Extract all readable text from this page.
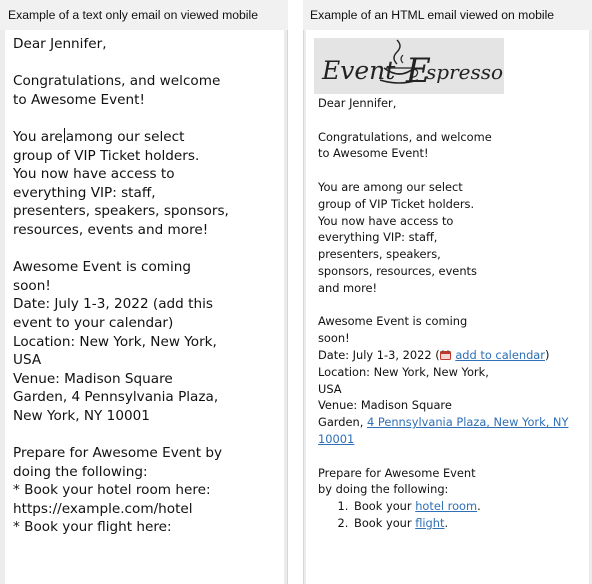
Example of a text only email on viewed mobile

Dear Jennifer,

Congratulations, and welcome

to Awesome Event!

You are among our select

group of VIP Ticket holders.

You now have access to

everything VIP: staff,

presenters, speakers, sponsors,

resources, events and more!

Awesome Event is coming

soon!

Date: July 1-3, 2022 (add this

event to your calendar)

Location: New York, New York,

USA

Venue: Madison Square

Garden, 4 Pennsylvania Plaza,

New York, NY 10001

Prepare for Awesome Event by

doing the following:

* Book your hotel room here:

https://example.com/hotel

* Book your flight here:

Example of an HTML email viewed on mobile
Event spresso
E

Dear Jennifer,

Congratulations, and welcome

to Awesome Event!

You are among our select

group of VIP Ticket holders.

You now have access to

everything VIP: staff,

presenters, speakers,

sponsors, resources, events

and more!

Awesome Event is coming

soon!

Date: July 1-3, 2022 ( add to calendar)

Location: New York, New York,

USA

Venue: Madison Square

Garden, 4 Pennsylvania Plaza, New York, NY 10001

Prepare for Awesome Event

by doing the following:

1. Book your hotel room.
2. Book your flight.
